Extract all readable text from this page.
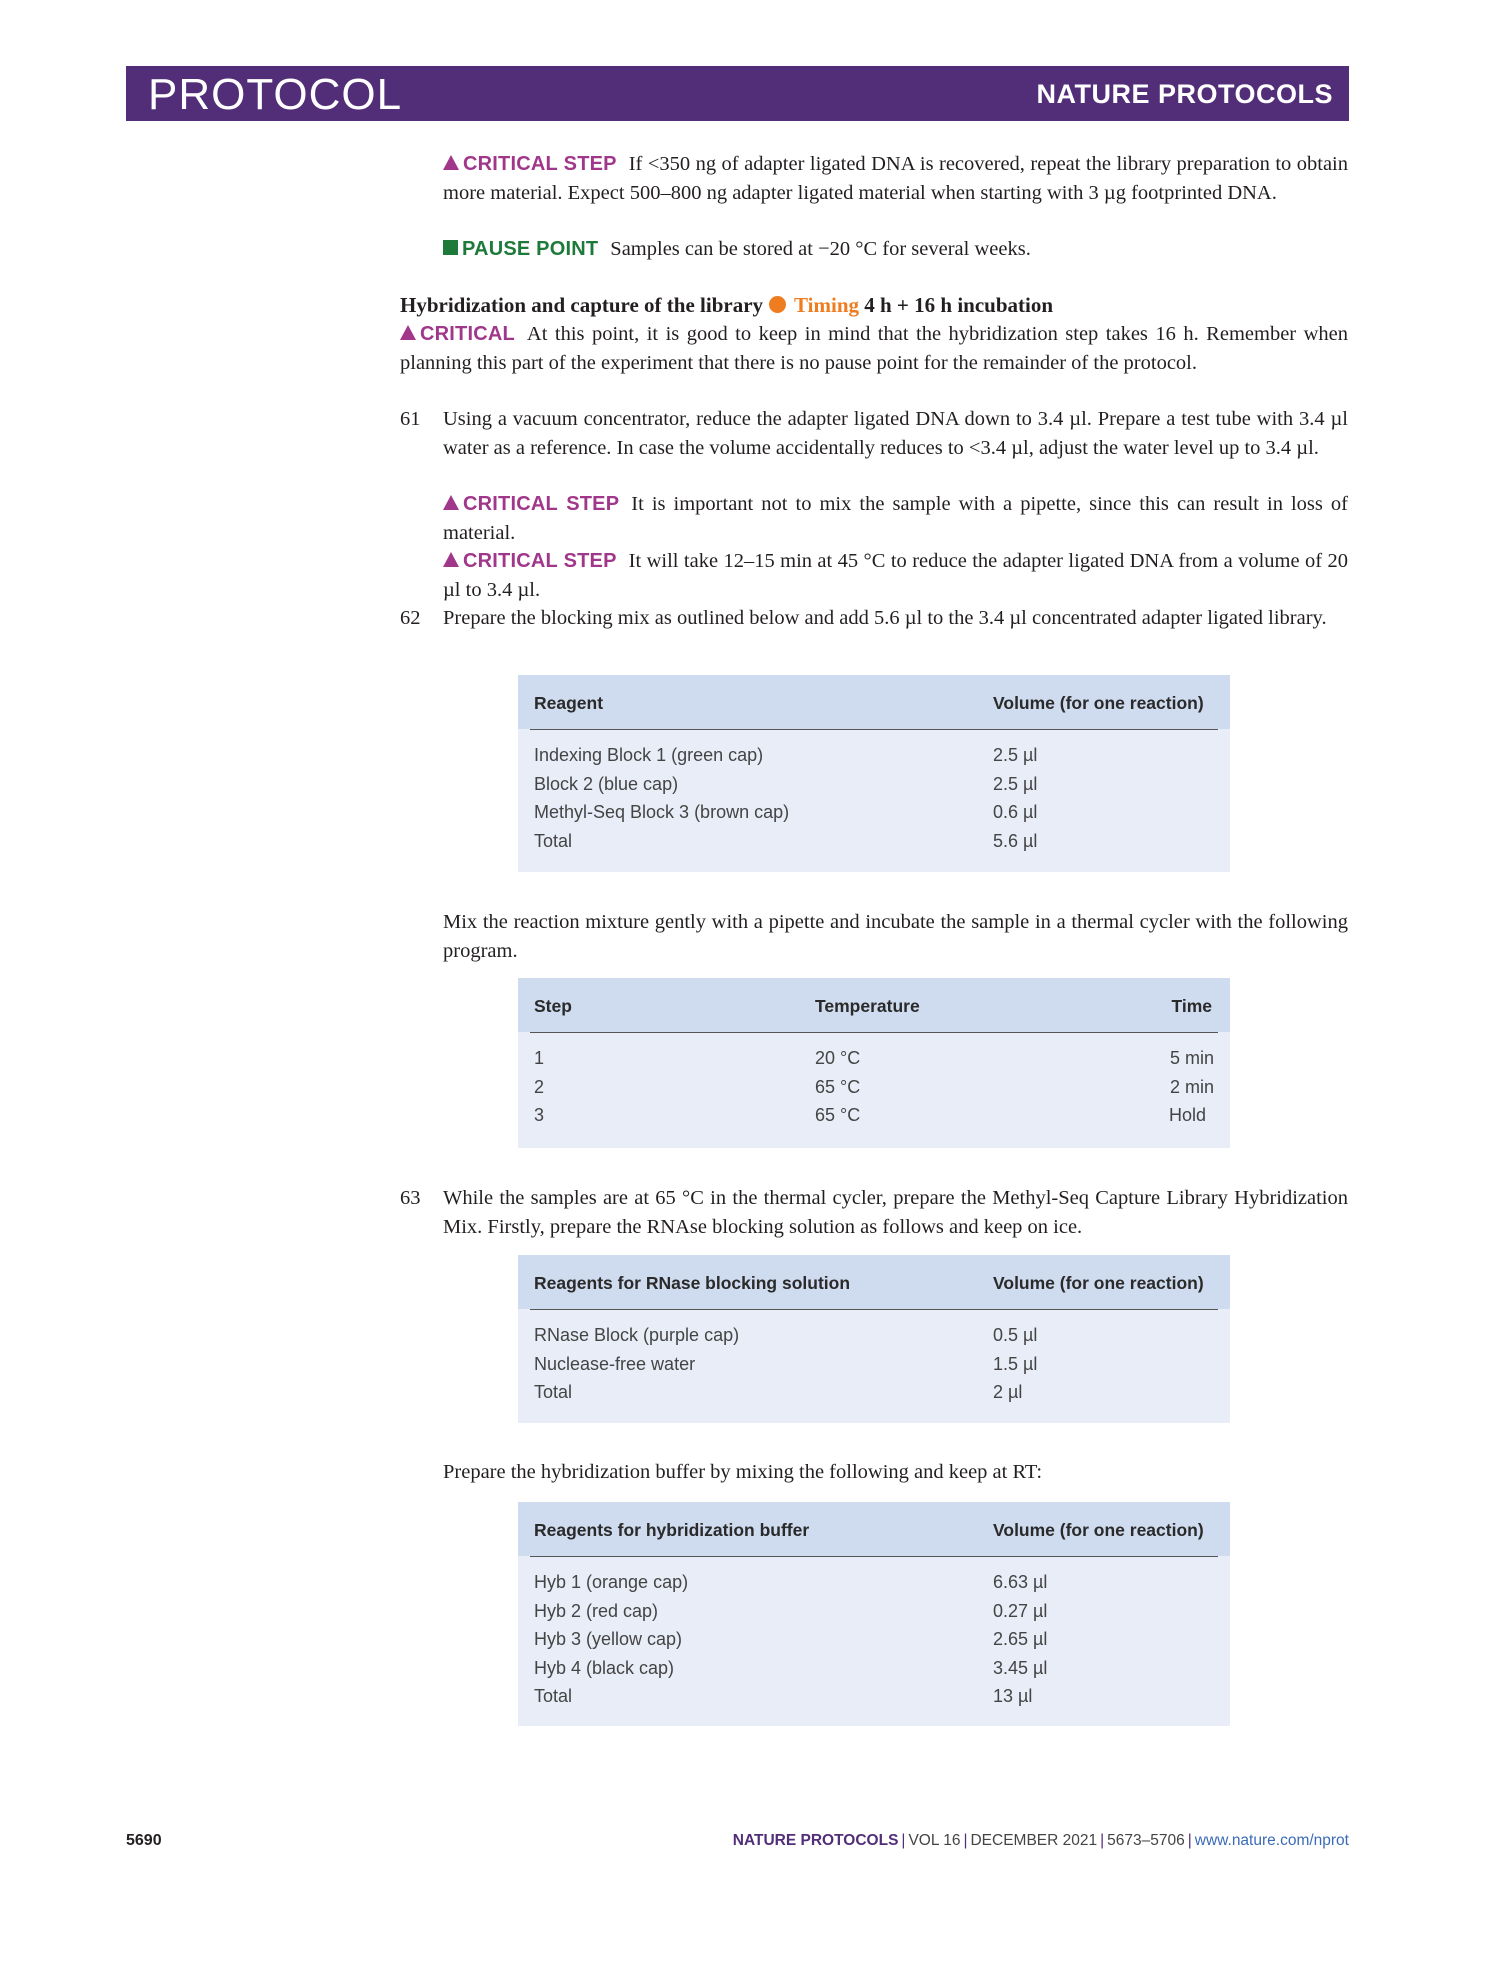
PROTOCOL	NATURE PROTOCOLS

CRITICAL STEP If <350 ng of adapter ligated DNA is recovered, repeat the library preparation to obtain more material. Expect 500–800 ng adapter ligated material when starting with 3 µg footprinted DNA.

PAUSE POINT Samples can be stored at −20 °C for several weeks.

Hybridization and capture of the library Timing 4 h + 16 h incubation

CRITICAL At this point, it is good to keep in mind that the hybridization step takes 16 h. Remember when planning this part of the experiment that there is no pause point for the remainder of the protocol.

61 Using a vacuum concentrator, reduce the adapter ligated DNA down to 3.4 µl. Prepare a test tube with 3.4 µl water as a reference. In case the volume accidentally reduces to <3.4 µl, adjust the water level up to 3.4 µl.

CRITICAL STEP It is important not to mix the sample with a pipette, since this can result in loss of material.

CRITICAL STEP It will take 12–15 min at 45 °C to reduce the adapter ligated DNA from a volume of 20 µl to 3.4 µl.

62 Prepare the blocking mix as outlined below and add 5.6 µl to the 3.4 µl concentrated adapter ligated library.

Reagent	Volume (for one reaction)
Indexing Block 1 (green cap)	2.5 µl
Block 2 (blue cap)	2.5 µl
Methyl-Seq Block 3 (brown cap)	0.6 µl
Total	5.6 µl

Mix the reaction mixture gently with a pipette and incubate the sample in a thermal cycler with the following program.

Step	Temperature	Time
1	20 °C	5 min
2	65 °C	2 min
3	65 °C	Hold
63 While the samples are at 65 °C in the thermal cycler, prepare the Methyl-Seq Capture Library Hybridization Mix. Firstly, prepare the RNAse blocking solution as follows and keep on ice.

Reagents for RNase blocking solution	Volume (for one reaction)
RNase Block (purple cap)	0.5 µl
Nuclease-free water	1.5 µl
Total	2 µl

Prepare the hybridization buffer by mixing the following and keep at RT:

Reagents for hybridization buffer	Volume (for one reaction)
Hyb 1 (orange cap)	6.63 µl
Hyb 2 (red cap)	0.27 µl
Hyb 3 (yellow cap)	2.65 µl
Hyb 4 (black cap)	3.45 µl
Total	13 µl
5690	NATURE PROTOCOLS | VOL 16 | DECEMBER 2021 | 5673–5706 | www.nature.com/nprot
